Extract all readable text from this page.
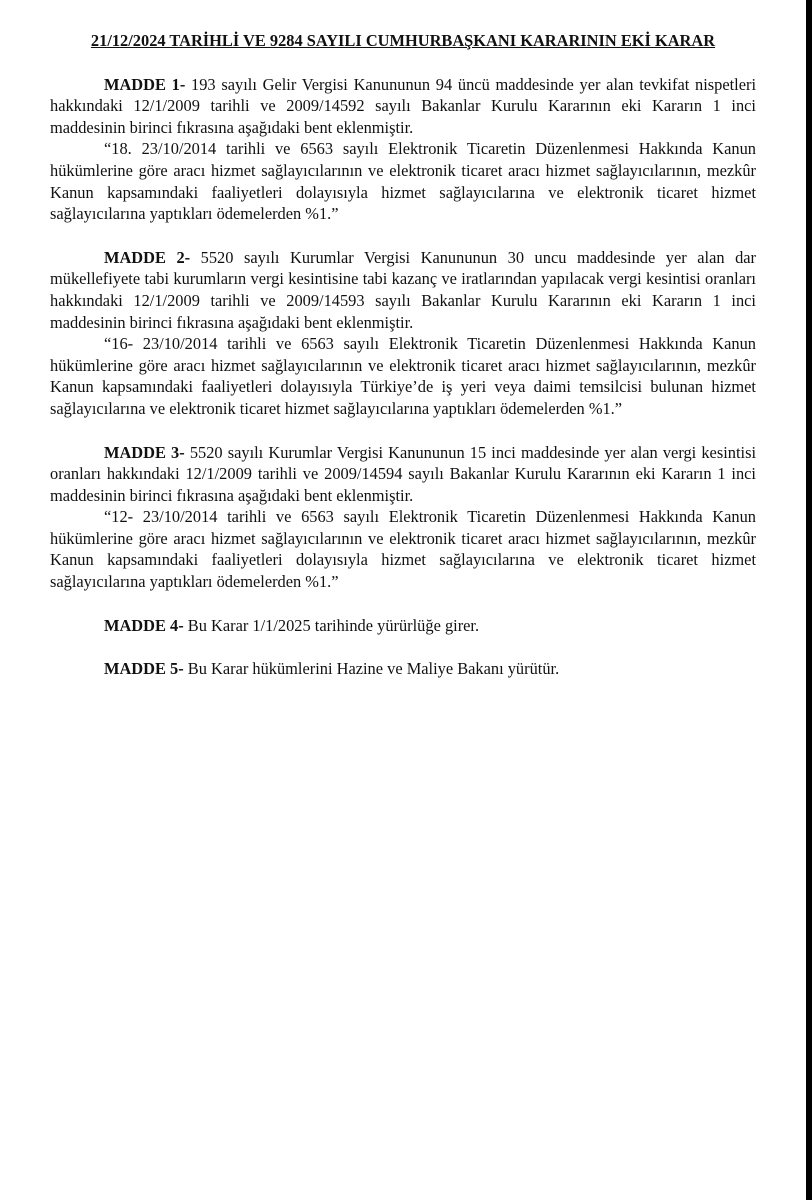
21/12/2024 TARİHLİ VE 9284 SAYILI CUMHURBAŞKANI KARARININ EKİ KARAR

MADDE 1- 193 sayılı Gelir Vergisi Kanununun 94 üncü maddesinde yer alan tevkifat nispetleri hakkındaki 12/1/2009 tarihli ve 2009/14592 sayılı Bakanlar Kurulu Kararının eki Kararın 1 inci maddesinin birinci fıkrasına aşağıdaki bent eklenmiştir.

“18. 23/10/2014 tarihli ve 6563 sayılı Elektronik Ticaretin Düzenlenmesi Hakkında Kanun hükümlerine göre aracı hizmet sağlayıcılarının ve elektronik ticaret aracı hizmet sağlayıcılarının, mezkûr Kanun kapsamındaki faaliyetleri dolayısıyla hizmet sağlayıcılarına ve elektronik ticaret hizmet sağlayıcılarına yaptıkları ödemelerden %1.”

MADDE 2- 5520 sayılı Kurumlar Vergisi Kanununun 30 uncu maddesinde yer alan dar mükellefiyete tabi kurumların vergi kesintisine tabi kazanç ve iratlarından yapılacak vergi kesintisi oranları hakkındaki 12/1/2009 tarihli ve 2009/14593 sayılı Bakanlar Kurulu Kararının eki Kararın 1 inci maddesinin birinci fıkrasına aşağıdaki bent eklenmiştir.

“16- 23/10/2014 tarihli ve 6563 sayılı Elektronik Ticaretin Düzenlenmesi Hakkında Kanun hükümlerine göre aracı hizmet sağlayıcılarının ve elektronik ticaret aracı hizmet sağlayıcılarının, mezkûr Kanun kapsamındaki faaliyetleri dolayısıyla Türkiye’de iş yeri veya daimi temsilcisi bulunan hizmet sağlayıcılarına ve elektronik ticaret hizmet sağlayıcılarına yaptıkları ödemelerden %1.”

MADDE 3- 5520 sayılı Kurumlar Vergisi Kanununun 15 inci maddesinde yer alan vergi kesintisi oranları hakkındaki 12/1/2009 tarihli ve 2009/14594 sayılı Bakanlar Kurulu Kararının eki Kararın 1 inci maddesinin birinci fıkrasına aşağıdaki bent eklenmiştir.

“12- 23/10/2014 tarihli ve 6563 sayılı Elektronik Ticaretin Düzenlenmesi Hakkında Kanun hükümlerine göre aracı hizmet sağlayıcılarının ve elektronik ticaret aracı hizmet sağlayıcılarının, mezkûr Kanun kapsamındaki faaliyetleri dolayısıyla hizmet sağlayıcılarına ve elektronik ticaret hizmet sağlayıcılarına yaptıkları ödemelerden %1.”

MADDE 4- Bu Karar 1/1/2025 tarihinde yürürlüğe girer.

MADDE 5- Bu Karar hükümlerini Hazine ve Maliye Bakanı yürütür.
